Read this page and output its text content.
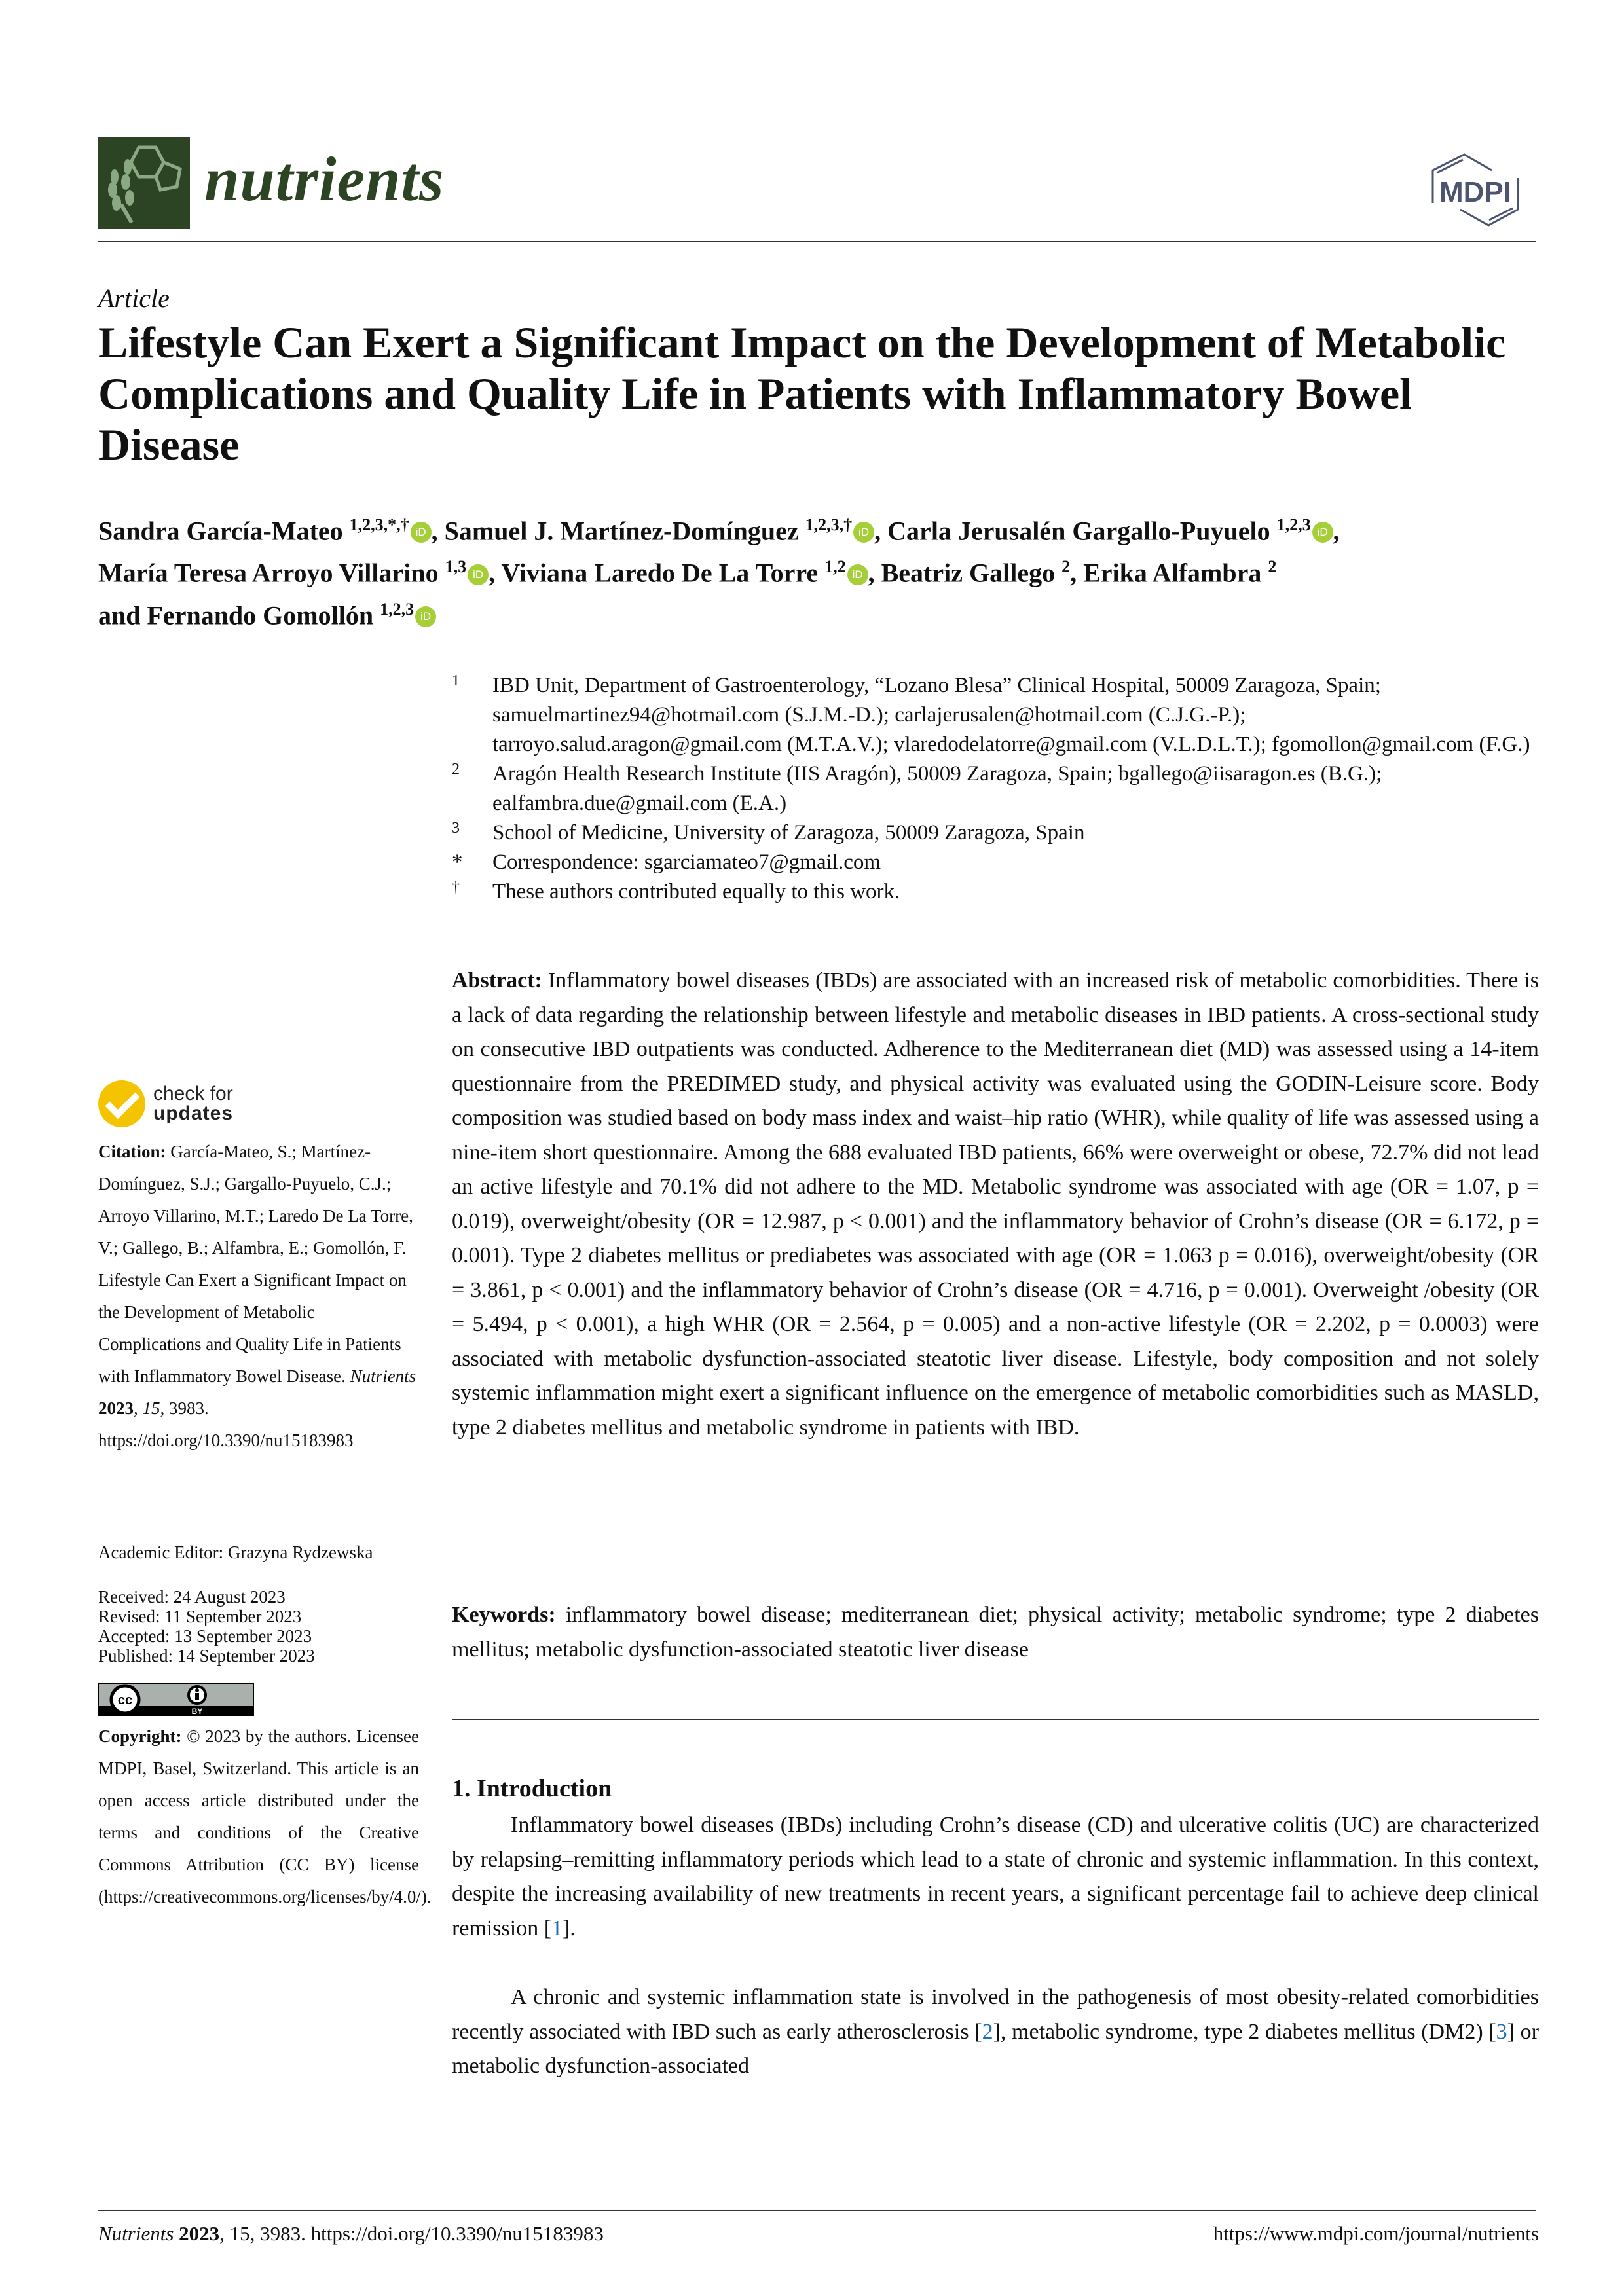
nutrients	MDPI
Article
Lifestyle Can Exert a Significant Impact on the Development of Metabolic Complications and Quality Life in Patients with Inflammatory Bowel Disease
Sandra García-Mateo $^{1,2,3,*,\dagger}$ iD , Samuel J. Martínez-Domínguez $^{1,2,3,\dagger}$ iD , Carla Jerusalén Gargallo-Puyuelo $^{1,2,3}$ iD ,
María Teresa Arroyo Villarino $^{1,3}$ iD , Viviana Laredo De La Torre $^{1,2}$ iD , Beatriz Gallego $^2$, Erika Alfambra $^2$
and Fernando Gomollón $^{1,2,3}$ iD
1	IBD Unit, Department of Gastroenterology, “Lozano Blesa” Clinical Hospital, 50009 Zaragoza, Spain; samuelmartinez94@hotmail.com (S.J.M.-D.); carlajerusalen@hotmail.com (C.J.G.-P.); tarroyo.salud.aragon@gmail.com (M.T.A.V.); vlaredodelatorre@gmail.com (V.L.D.L.T.); fgomollon@gmail.com (F.G.)
2	Aragón Health Research Institute (IIS Aragón), 50009 Zaragoza, Spain; bgallego@iisaragon.es (B.G.); ealfambra.due@gmail.com (E.A.)
3	School of Medicine, University of Zaragoza, 50009 Zaragoza, Spain
*	Correspondence: sgarciamateo7@gmail.com
†	These authors contributed equally to this work.
check for
updates
Citation: García-Mateo, S.; Martínez-Domínguez, S.J.; Gargallo-Puyuelo, C.J.; Arroyo Villarino, M.T.; Laredo De La Torre, V.; Gallego, B.; Alfambra, E.; Gomollón, F. Lifestyle Can Exert a Significant Impact on the Development of Metabolic Complications and Quality Life in Patients with Inflammatory Bowel Disease. Nutrients 2023, 15, 3983. https://doi.org/10.3390/nu15183983
Academic Editor: Grazyna Rydzewska
Received: 24 August 2023
Revised: 11 September 2023
Accepted: 13 September 2023
Published: 14 September 2023
cc
BY
Copyright: © 2023 by the authors. Licensee MDPI, Basel, Switzerland. This article is an open access article distributed under the terms and conditions of the Creative Commons Attribution (CC BY) license (https://creativecommons.org/licenses/by/4.0/).
Abstract: Inflammatory bowel diseases (IBDs) are associated with an increased risk of metabolic comorbidities. There is a lack of data regarding the relationship between lifestyle and metabolic diseases in IBD patients. A cross-sectional study on consecutive IBD outpatients was conducted. Adherence to the Mediterranean diet (MD) was assessed using a 14-item questionnaire from the PREDIMED study, and physical activity was evaluated using the GODIN-Leisure score. Body composition was studied based on body mass index and waist–hip ratio (WHR), while quality of life was assessed using a nine-item short questionnaire. Among the 688 evaluated IBD patients, 66% were overweight or obese, 72.7% did not lead an active lifestyle and 70.1% did not adhere to the MD. Metabolic syndrome was associated with age (OR = 1.07, p = 0.019), overweight/obesity (OR = 12.987, p < 0.001) and the inflammatory behavior of Crohn’s disease (OR = 6.172, p = 0.001). Type 2 diabetes mellitus or prediabetes was associated with age (OR = 1.063 p = 0.016), overweight/obesity (OR = 3.861, p < 0.001) and the inflammatory behavior of Crohn’s disease (OR = 4.716, p = 0.001). Overweight /obesity (OR = 5.494, p < 0.001), a high WHR (OR = 2.564, p = 0.005) and a non-active lifestyle (OR = 2.202, p = 0.0003) were associated with metabolic dysfunction-associated steatotic liver disease. Lifestyle, body composition and not solely systemic inflammation might exert a significant influence on the emergence of metabolic comorbidities such as MASLD, type 2 diabetes mellitus and metabolic syndrome in patients with IBD.
Keywords: inflammatory bowel disease; mediterranean diet; physical activity; metabolic syndrome; type 2 diabetes mellitus; metabolic dysfunction-associated steatotic liver disease
1. Introduction
Inflammatory bowel diseases (IBDs) including Crohn’s disease (CD) and ulcerative colitis (UC) are characterized by relapsing–remitting inflammatory periods which lead to a state of chronic and systemic inflammation. In this context, despite the increasing availability of new treatments in recent years, a significant percentage fail to achieve deep clinical remission [1].
A chronic and systemic inflammation state is involved in the pathogenesis of most obesity-related comorbidities recently associated with IBD such as early atherosclerosis [2], metabolic syndrome, type 2 diabetes mellitus (DM2) [3] or metabolic dysfunction-associated
Nutrients 2023, 15, 3983. https://doi.org/10.3390/nu15183983	https://www.mdpi.com/journal/nutrients
